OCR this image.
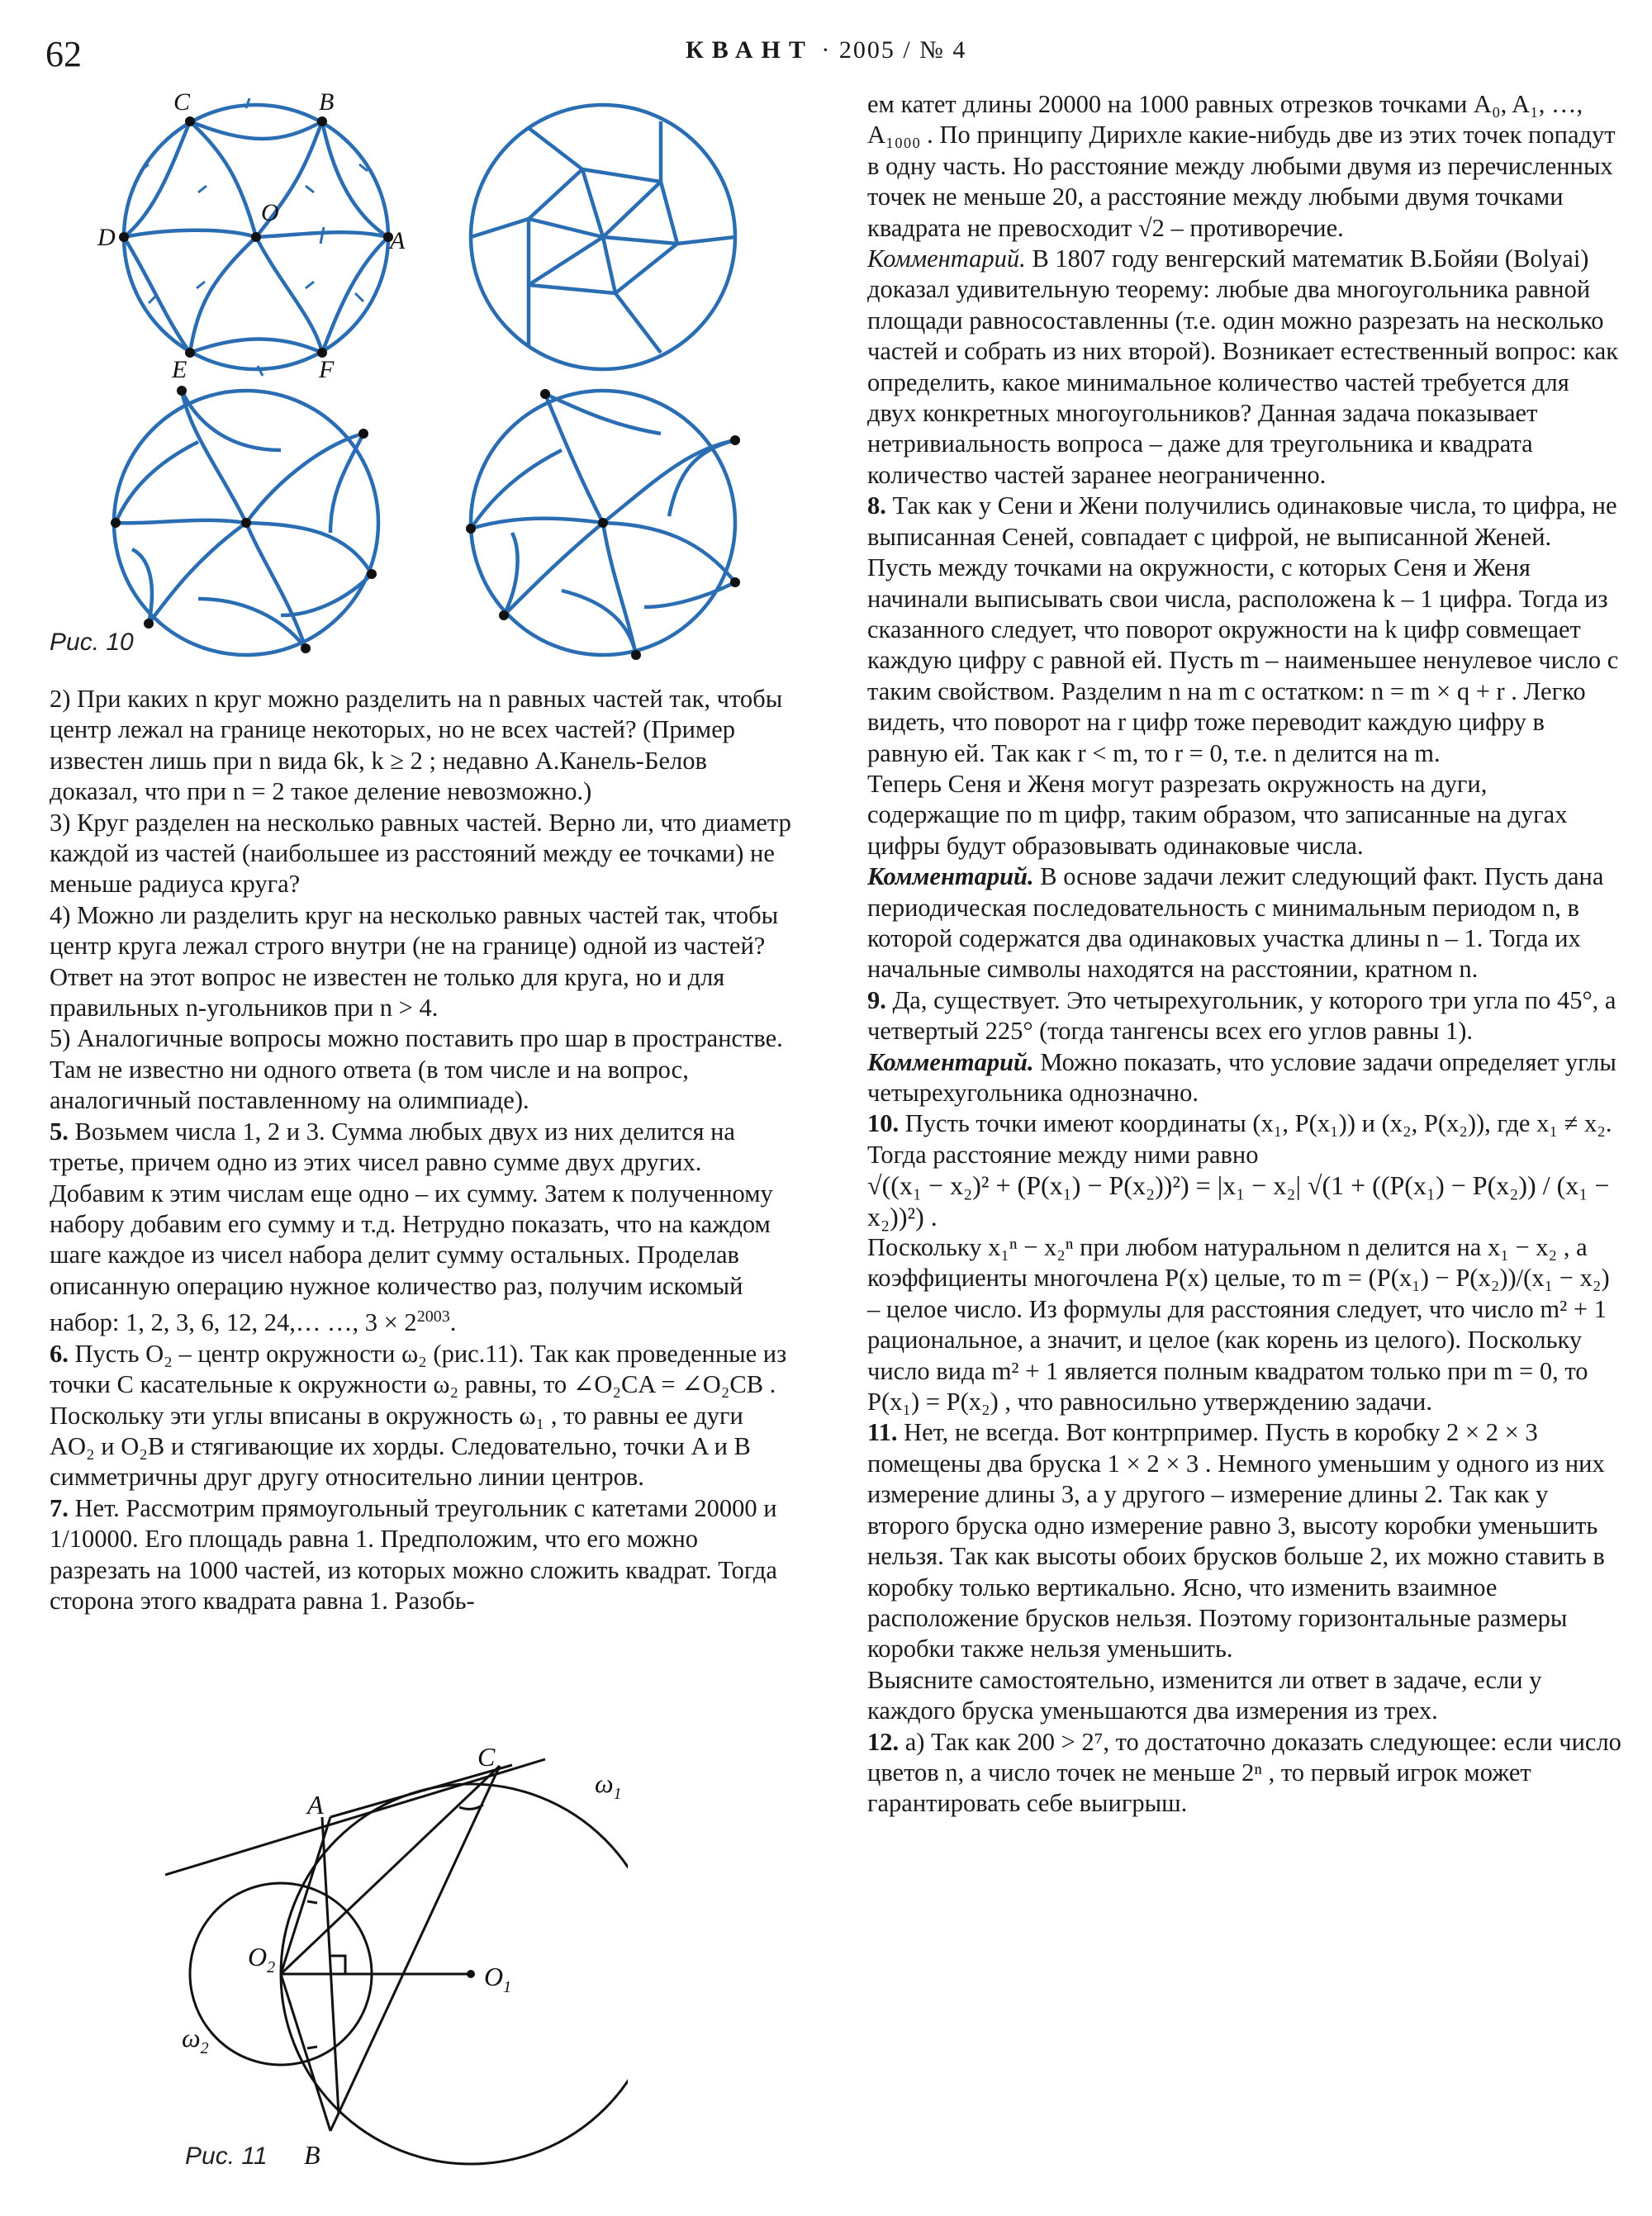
62	КВАНТ · 2005 / № 4
C	B
O
D	A
E	F
Рис. 10

2) При каких n круг можно разделить на n равных частей так, чтобы центр лежал на границе некоторых, но не всех частей? (Пример известен лишь при n вида 6k, k ≥ 2 ; недавно А.Канель-Белов доказал, что при n = 2 такое деление невозможно.)

3) Круг разделен на несколько равных частей. Верно ли, что диаметр каждой из частей (наибольшее из расстояний между ее точками) не меньше радиуса круга?

4) Можно ли разделить круг на несколько равных частей так, чтобы центр круга лежал строго внутри (не на границе) одной из частей? Ответ на этот вопрос не известен не только для круга, но и для правильных n-угольников при n > 4.

5) Аналогичные вопросы можно поставить про шар в пространстве. Там не известно ни одного ответа (в том числе и на вопрос, аналогичный поставленному на олимпиаде).

5. Возьмем числа 1, 2 и 3. Сумма любых двух из них делится на третье, причем одно из этих чисел равно сумме двух других. Добавим к этим числам еще одно – их сумму. Затем к полученному набору добавим его сумму и т.д. Нетрудно показать, что на каждом шаге каждое из чисел набора делит сумму остальных. Проделав описанную операцию нужное количество раз, получим искомый набор: 1, 2, 3, 6, 12, 24,… …, $3 \times 2^{2003}$.

6. Пусть O₂ – центр окружности ω₂ (рис.11). Так как проведенные из точки C касательные к окружности ω₂ равны, то ∠O₂CA = ∠O₂CB . Поскольку эти углы вписаны в окружность ω₁ , то равны ее дуги AO₂ и O₂B и стягивающие их хорды. Следовательно, точки A и B симметричны друг другу относительно линии центров.

7. Нет. Рассмотрим прямоугольный треугольник с катетами 20000 и 1/10000. Его площадь равна 1. Предположим, что его можно разрезать на 1000 частей, из которых можно сложить квадрат. Тогда сторона этого квадрата равна 1. Разобь-

C
A
B
$O_2$	$O_1$
$\omega_1$
$\omega_2$
Рис. 11

ем катет длины 20000 на 1000 равных отрезков точками A₀, A₁, …, A₁₀₀₀ . По принципу Дирихле какие-нибудь две из этих точек попадут в одну часть. Но расстояние между любыми двумя из перечисленных точек не меньше 20, а расстояние между любыми двумя точками квадрата не превосходит √2 – противоречие.

Комментарий. В 1807 году венгерский математик В.Бойяи (Bolyai) доказал удивительную теорему: любые два многоугольника равной площади равносоставленны (т.е. один можно разрезать на несколько частей и собрать из них второй). Возникает естественный вопрос: как определить, какое минимальное количество частей требуется для двух конкретных многоугольников? Данная задача показывает нетривиальность вопроса – даже для треугольника и квадрата количество частей заранее неограниченно.

8. Так как у Сени и Жени получились одинаковые числа, то цифра, не выписанная Сеней, совпадает с цифрой, не выписанной Женей.

Пусть между точками на окружности, с которых Сеня и Женя начинали выписывать свои числа, расположена k – 1 цифра. Тогда из сказанного следует, что поворот окружности на k цифр совмещает каждую цифру с равной ей. Пусть m – наименьшее ненулевое число с таким свойством. Разделим n на m с остатком: n = m × q + r . Легко видеть, что поворот на r цифр тоже переводит каждую цифру в равную ей. Так как r < m, то r = 0, т.е. n делится на m.

Теперь Сеня и Женя могут разрезать окружность на дуги, содержащие по m цифр, таким образом, что записанные на дугах цифры будут образовывать одинаковые числа.

Комментарий. В основе задачи лежит следующий факт. Пусть дана периодическая последовательность с минимальным периодом n, в которой содержатся два одинаковых участка длины n – 1. Тогда их начальные символы находятся на расстоянии, кратном n.

9. Да, существует. Это четырехугольник, у которого три угла по 45°, а четвертый 225° (тогда тангенсы всех его углов равны 1).

Комментарий. Можно показать, что условие задачи определяет углы четырехугольника однозначно.

10. Пусть точки имеют координаты (x₁, P(x₁)) и (x₂, P(x₂)), где x₁ ≠ x₂. Тогда расстояние между ними равно

√((x₁ − x₂)² + (P(x₁) − P(x₂))²) = |x₁ − x₂| √(1 + ((P(x₁) − P(x₂)) / (x₁ − x₂))²) .

Поскольку x₁ⁿ − x₂ⁿ при любом натуральном n делится на x₁ − x₂ , а коэффициенты многочлена P(x) целые, то m = (P(x₁) − P(x₂))/(x₁ − x₂) – целое число. Из формулы для расстояния следует, что число m² + 1 рациональное, а значит, и целое (как корень из целого). Поскольку число вида m² + 1 является полным квадратом только при m = 0, то P(x₁) = P(x₂) , что равносильно утверждению задачи.

11. Нет, не всегда. Вот контрпример. Пусть в коробку 2 × 2 × 3 помещены два бруска 1 × 2 × 3 . Немного уменьшим у одного из них измерение длины 3, а у другого – измерение длины 2. Так как у второго бруска одно измерение равно 3, высоту коробки уменьшить нельзя. Так как высоты обоих брусков больше 2, их можно ставить в коробку только вертикально. Ясно, что изменить взаимное расположение брусков нельзя. Поэтому горизонтальные размеры коробки также нельзя уменьшить.

Выясните самостоятельно, изменится ли ответ в задаче, если у каждого бруска уменьшаются два измерения из трех.

12. а) Так как 200 > 2⁷, то достаточно доказать следующее: если число цветов n, а число точек не меньше 2ⁿ , то первый игрок может гарантировать себе выигрыш.
